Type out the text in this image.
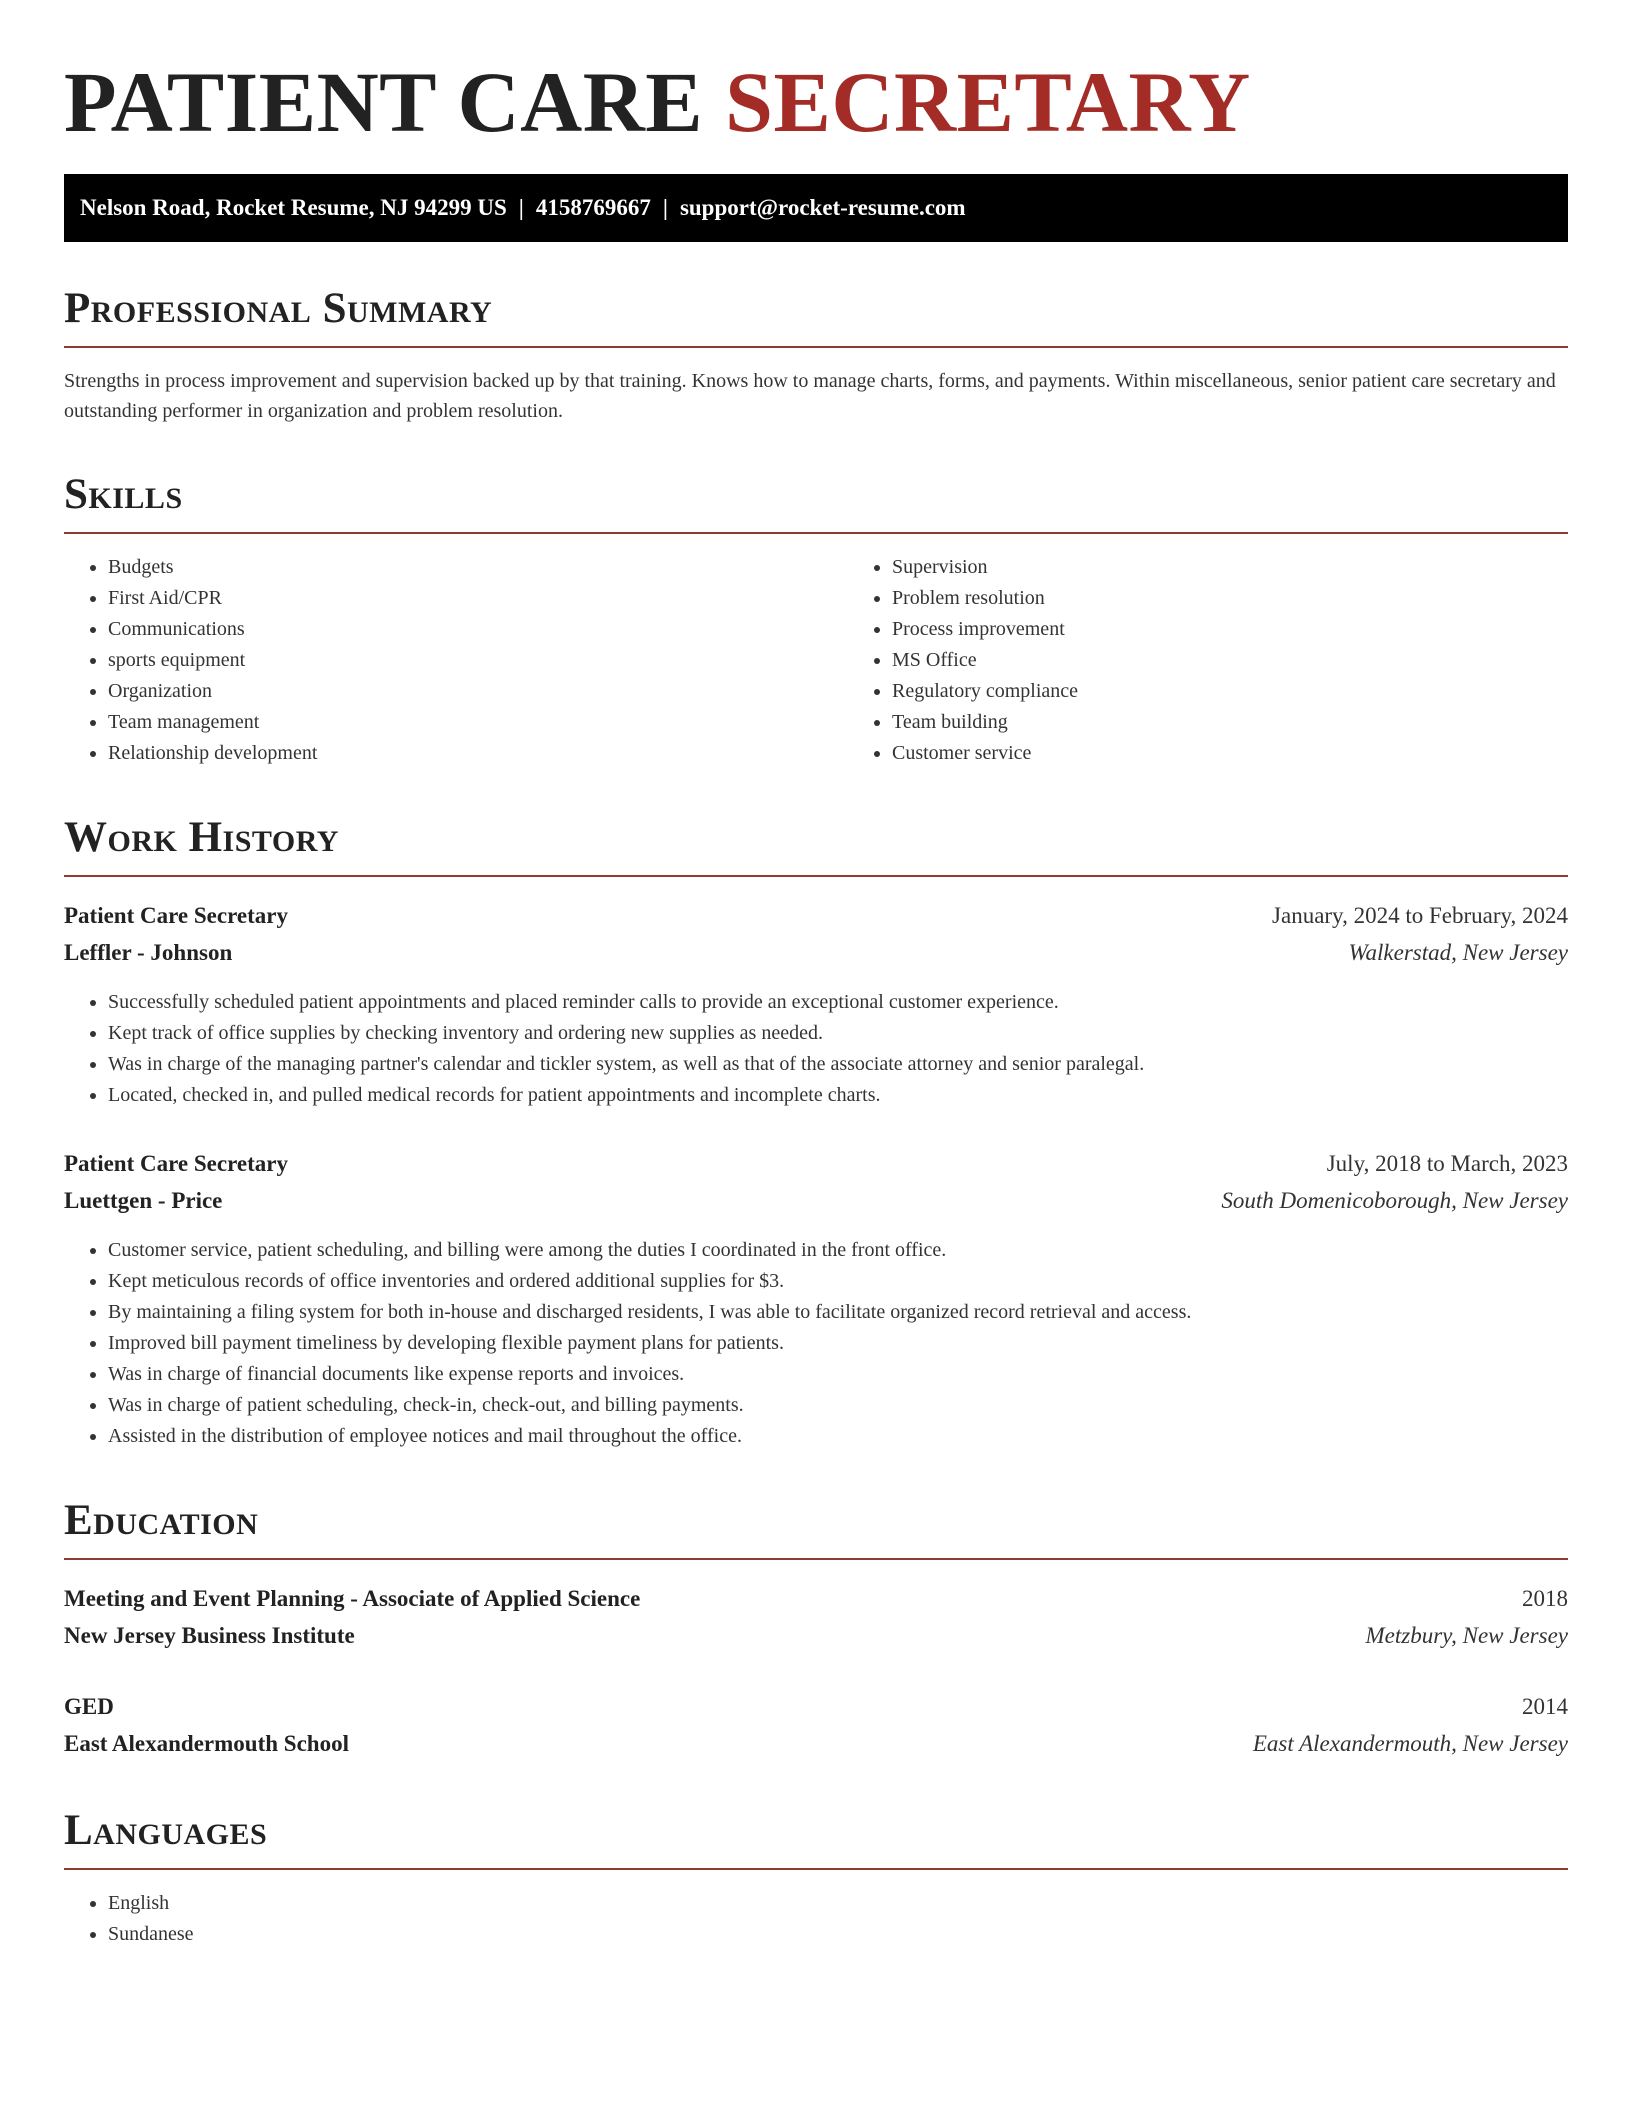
PATIENT CARE SECRETARY
Nelson Road, Rocket Resume, NJ 94299 US | 4158769667 | support@rocket-resume.com
Professional Summary

Strengths in process improvement and supervision backed up by that training. Knows how to manage charts, forms, and payments. Within miscellaneous, senior patient care secretary and outstanding performer in organization and problem resolution.

Skills
• Budgets
• First Aid/CPR
• Communications
• sports equipment
• Organization
• Team management
• Relationship development
• Supervision
• Problem resolution
• Process improvement
• MS Office
• Regulatory compliance
• Team building
• Customer service
Work History
Patient Care Secretary	January, 2024 to February, 2024
Leffler - Johnson	Walkerstad, New Jersey
• Successfully scheduled patient appointments and placed reminder calls to provide an exceptional customer experience.
• Kept track of office supplies by checking inventory and ordering new supplies as needed.
• Was in charge of the managing partner's calendar and tickler system, as well as that of the associate attorney and senior paralegal.
• Located, checked in, and pulled medical records for patient appointments and incomplete charts.
Patient Care Secretary	July, 2018 to March, 2023
Luettgen - Price	South Domenicoborough, New Jersey
• Customer service, patient scheduling, and billing were among the duties I coordinated in the front office.
• Kept meticulous records of office inventories and ordered additional supplies for $3.
• By maintaining a filing system for both in-house and discharged residents, I was able to facilitate organized record retrieval and access.
• Improved bill payment timeliness by developing flexible payment plans for patients.
• Was in charge of financial documents like expense reports and invoices.
• Was in charge of patient scheduling, check-in, check-out, and billing payments.
• Assisted in the distribution of employee notices and mail throughout the office.
Education
Meeting and Event Planning - Associate of Applied Science	2018
New Jersey Business Institute	Metzbury, New Jersey
GED	2014
East Alexandermouth School	East Alexandermouth, New Jersey
Languages
• English
• Sundanese
